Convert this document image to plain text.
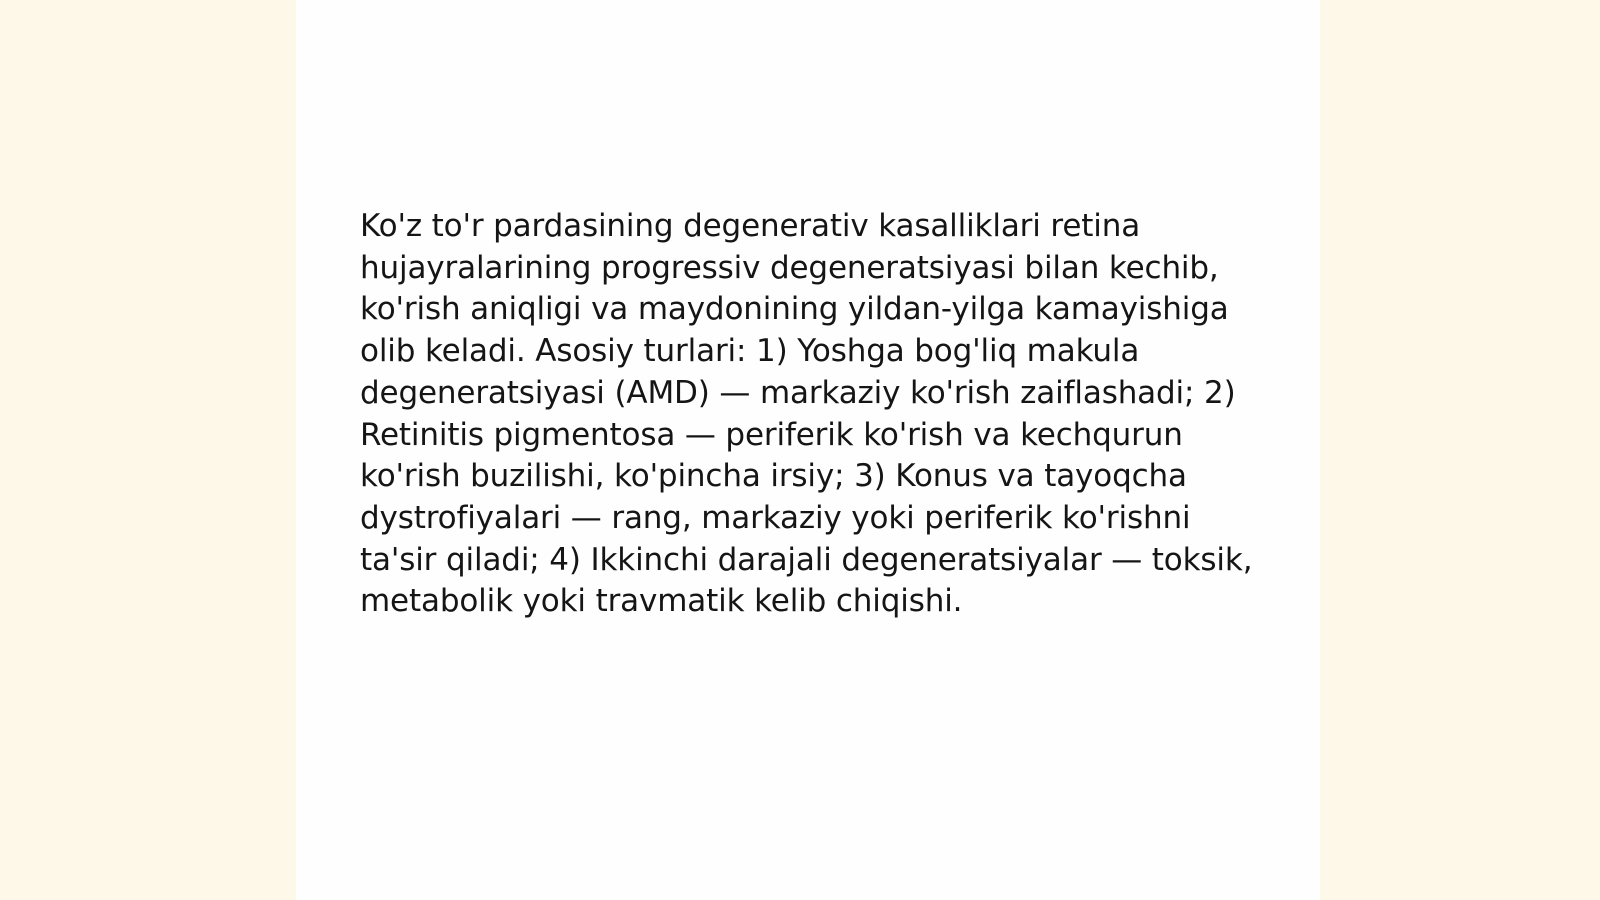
Ko'z to'r pardasining degenerativ kasalliklari retina hujayralarining progressiv degeneratsiyasi bilan kechib, ko'rish aniqligi va maydonining yildan-yilga kamayishiga olib keladi. Asosiy turlari: 1) Yoshga bog'liq makula degeneratsiyasi (AMD) — markaziy ko'rish zaiflashadi; 2) Retinitis pigmentosa — periferik ko'rish va kechqurun ko'rish buzilishi, ko'pincha irsiy; 3) Konus va tayoqcha dystrofiyalari — rang, markaziy yoki periferik ko'rishni ta'sir qiladi; 4) Ikkinchi darajali degeneratsiyalar — toksik, metabolik yoki travmatik kelib chiqishi.
